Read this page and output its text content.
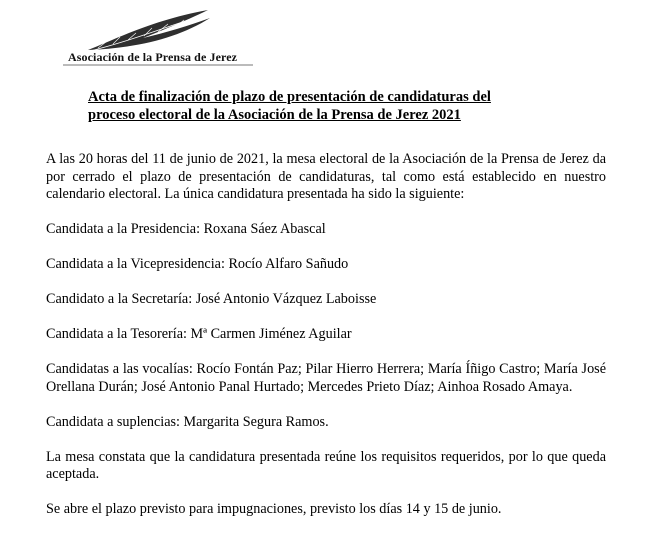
Asociación de la Prensa de Jerez
Acta de finalización de plazo de presentación de candidaturas del
proceso electoral de la Asociación de la Prensa de Jerez 2021

A las 20 horas del 11 de junio de 2021, la mesa electoral de la Asociación de la Prensa de Jerez da por cerrado el plazo de presentación de candidaturas, tal como está establecido en nuestro calendario electoral. La única candidatura presentada ha sido la siguiente:

Candidata a la Presidencia: Roxana Sáez Abascal

Candidata a la Vicepresidencia: Rocío Alfaro Sañudo

Candidato a la Secretaría: José Antonio Vázquez Laboisse

Candidata a la Tesorería: Mª Carmen Jiménez Aguilar

Candidatas a las vocalías: Rocío Fontán Paz; Pilar Hierro Herrera; María Íñigo Castro; María José Orellana Durán; José Antonio Panal Hurtado; Mercedes Prieto Díaz; Ainhoa Rosado Amaya.

Candidata a suplencias: Margarita Segura Ramos.

La mesa constata que la candidatura presentada reúne los requisitos requeridos, por lo que queda aceptada.

Se abre el plazo previsto para impugnaciones, previsto los días 14 y 15 de junio.
